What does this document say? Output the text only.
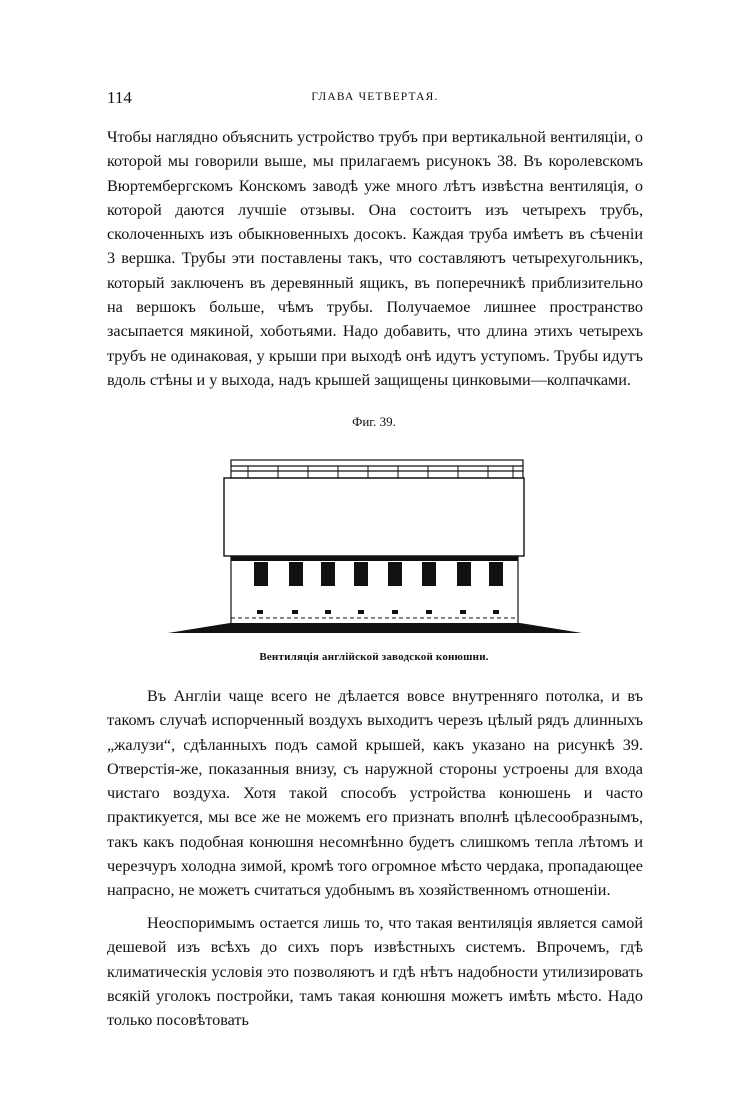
114	ГЛАВА ЧЕТВЕРТАЯ.

Чтобы наглядно объяснить устройство трубъ при вертикальной вентиляціи, о которой мы говорили выше, мы прилагаемъ рисунокъ 38. Въ королевскомъ Вюртембергскомъ Конскомъ заводѣ уже много лѣтъ извѣстна вентиляція, о которой даются лучшіе отзывы. Она состоитъ изъ четырехъ трубъ, сколоченныхъ изъ обыкновенныхъ досокъ. Каждая труба имѣетъ въ сѣченіи 3 вершка. Трубы эти поставлены такъ, что составляютъ четырехугольникъ, который заключенъ въ деревянный ящикъ, въ поперечникѣ приблизительно на вершокъ больше, чѣмъ трубы. Получаемое лишнее пространство засыпается мякиной, хоботьями. Надо добавить, что длина этихъ четырехъ трубъ не одинаковая, у крыши при выходѣ онѣ идутъ уступомъ. Трубы идутъ вдоль стѣны и у выхода, надъ крышей защищены цинковыми—колпачками.

Фиг. 39.
Вентиляція англійской заводской конюшни.

Въ Англіи чаще всего не дѣлается вовсе внутренняго потолка, и въ такомъ случаѣ испорченный воздухъ выходитъ черезъ цѣлый рядъ длинныхъ „жалузи“, сдѣланныхъ подъ самой крышей, какъ указано на рисункѣ 39. Отверстія-же, показанныя внизу, съ наружной стороны устроены для входа чистаго воздуха. Хотя такой способъ устройства конюшень и часто практикуется, мы все же не можемъ его признать вполнѣ цѣлесообразнымъ, такъ какъ подобная конюшня несомнѣнно будетъ слишкомъ тепла лѣтомъ и черезчуръ холодна зимой, кромѣ того огромное мѣсто чердака, пропадающее напрасно, не можетъ считаться удобнымъ въ хозяйственномъ отношеніи.

Неоспоримымъ остается лишь то, что такая вентиляція является самой дешевой изъ всѣхъ до сихъ поръ извѣстныхъ системъ. Впрочемъ, гдѣ климатическія условія это позволяютъ и гдѣ нѣтъ надобности утилизировать всякій уголокъ постройки, тамъ такая конюшня можетъ имѣть мѣсто. Надо только посовѣтовать
